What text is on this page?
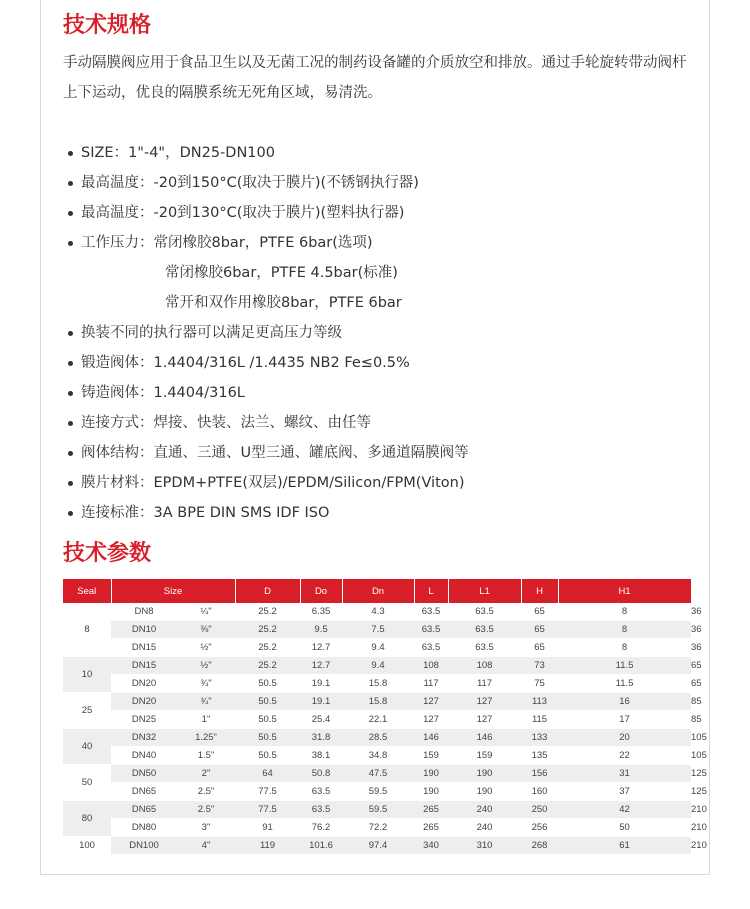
技术规格

手动隔膜阀应用于食品卫生以及无菌工况的制药设备罐的介质放空和排放。通过手轮旋转带动阀杆上下运动，优良的隔膜系统无死角区域，易清洗。

SIZE：1"-4"，DN25-DN100
最高温度：-20到150°C(取决于膜片)(不锈钢执行器)
最高温度：-20到130°C(取决于膜片)(塑料执行器)
工作压力：常闭橡胶8bar，PTFE 6bar(选项)
常闭橡胶6bar，PTFE 4.5bar(标准)
常开和双作用橡胶8bar，PTFE 6bar
换装不同的执行器可以满足更高压力等级
锻造阀体：1.4404/316L /1.4435 NB2 Fe≤0.5%
铸造阀体：1.4404/316L
连接方式：焊接、快装、法兰、螺纹、由任等
阀体结构：直通、三通、U型三通、罐底阀、多通道隔膜阀等
膜片材料：EPDM+PTFE(双层)/EPDM/Silicon/FPM(Viton)
连接标准：3A BPE DIN SMS IDF ISO
技术参数
Seal	Size		D	Do	Dn	L	L1	H	H1	E
8	DN8	¼"	25.2	6.35	4.3	63.5	63.5	65	8	36
	DN10	⅜"	25.2	9.5	7.5	63.5	63.5	65	8	36
	DN15	½"	25.2	12.7	9.4	63.5	63.5	65	8	36
10	DN15	½"	25.2	12.7	9.4	108	108	73	11.5	65
	DN20	¾"	50.5	19.1	15.8	117	117	75	11.5	65
25	DN20	¾"	50.5	19.1	15.8	127	127	113	16	85
	DN25	1"	50.5	25.4	22.1	127	127	115	17	85
40	DN32	1.25"	50.5	31.8	28.5	146	146	133	20	105
	DN40	1.5"	50.5	38.1	34.8	159	159	135	22	105
50	DN50	2"	64	50.8	47.5	190	190	156	31	125
	DN65	2.5"	77.5	63.5	59.5	190	190	160	37	125
80	DN65	2.5"	77.5	63.5	59.5	265	240	250	42	210
	DN80	3"	91	76.2	72.2	265	240	256	50	210
100	DN100	4"	119	101.6	97.4	340	310	268	61	210
